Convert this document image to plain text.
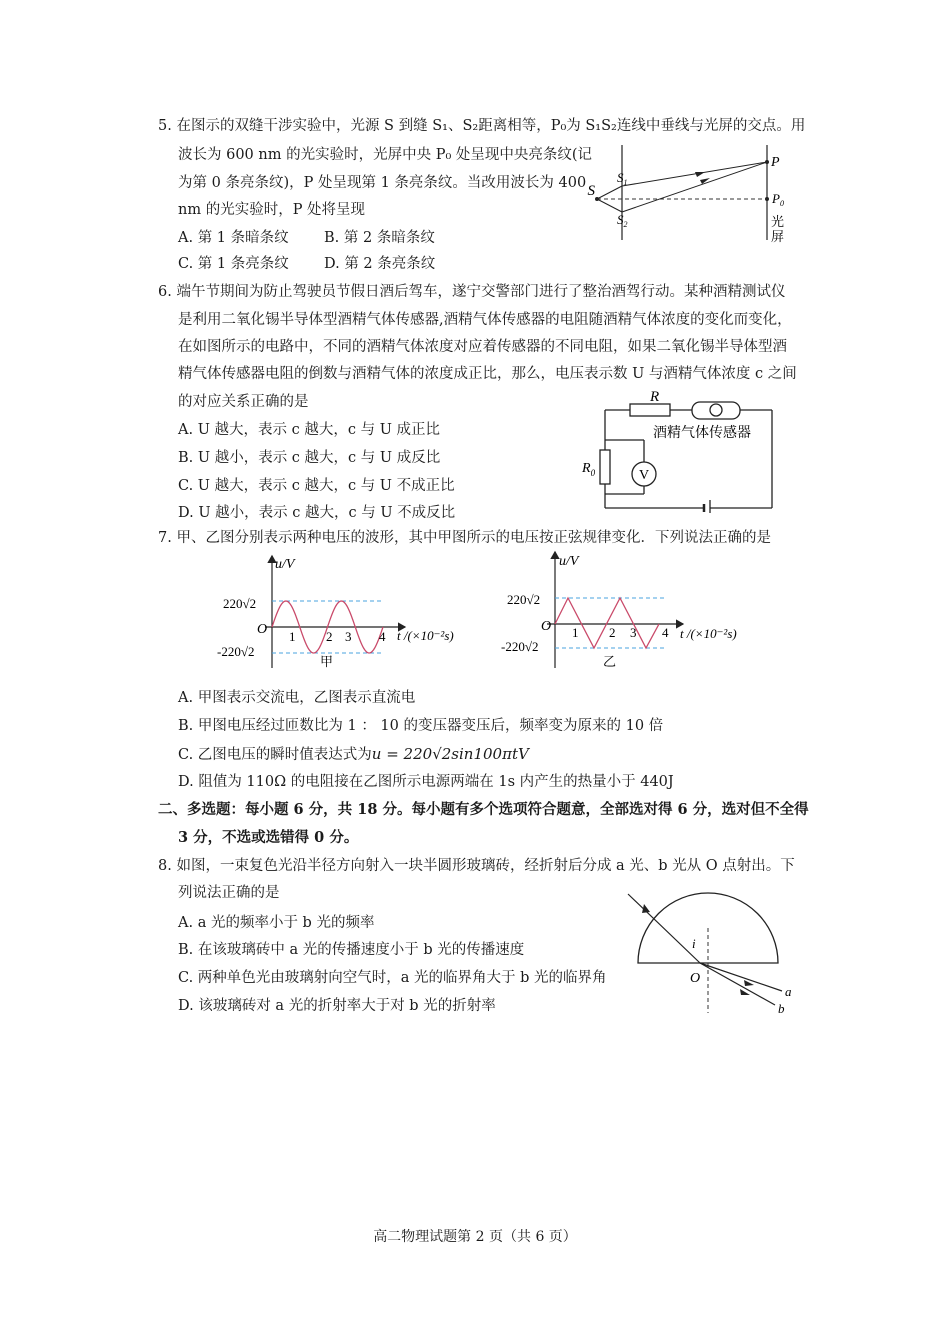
5. 在图示的双缝干涉实验中，光源 S 到缝 S₁、S₂距离相等，P₀为 S₁S₂连线中垂线与光屏的交点。用
波长为 600 nm 的光实验时，光屏中央 P₀ 处呈现中央亮条纹(记
为第 0 条亮条纹)，P 处呈现第 1 条亮条纹。当改用波长为 400
nm 的光实验时，P 处将呈现
A. 第 1 条暗条纹 B. 第 2 条暗条纹
C. 第 1 条亮条纹 D. 第 2 条亮条纹
S
$S_1$
$S_2$
P
$P_0$
光
屏
6. 端午节期间为防止驾驶员节假日酒后驾车，遂宁交警部门进行了整治酒驾行动。某种酒精测试仪
是利用二氧化锡半导体型酒精气体传感器,酒精气体传感器的电阻随酒精气体浓度的变化而变化，
在如图所示的电路中，不同的酒精气体浓度对应着传感器的不同电阻，如果二氧化锡半导体型酒
精气体传感器电阻的倒数与酒精气体的浓度成正比，那么，电压表示数 U 与酒精气体浓度 c 之间
的对应关系正确的是
A. U 越大，表示 c 越大，c 与 U 成正比
B. U 越小，表示 c 越大，c 与 U 成反比
C. U 越大，表示 c 越大，c 与 U 不成正比
D. U 越小，表示 c 越大，c 与 U 不成反比
V
R
$R_0$
酒精气体传感器
7. 甲、乙图分别表示两种电压的波形，其中甲图所示的电压按正弦规律变化．下列说法正确的是
u/V
220√2
-220√2
O 1 2 3 4 t /(×10⁻²s)
甲
u/V
220√2
-220√2
O 1 2 3 4 t /(×10⁻²s)
乙
A. 甲图表示交流电，乙图表示直流电
B. 甲图电压经过匝数比为 1 ： 10 的变压器变压后，频率变为原来的 10 倍
C. 乙图电压的瞬时值表达式为u = 220√2sin100πtV
D. 阻值为 110Ω 的电阻接在乙图所示电源两端在 1s 内产生的热量小于 440J
二、多选题：每小题 6 分，共 18 分。每小题有多个选项符合题意，全部选对得 6 分，选对但不全得
3 分，不选或选错得 0 分。
8. 如图，一束复色光沿半径方向射入一块半圆形玻璃砖，经折射后分成 a 光、b 光从 O 点射出。下
列说法正确的是
A. a 光的频率小于 b 光的频率
B. 在该玻璃砖中 a 光的传播速度小于 b 光的传播速度
C. 两种单色光由玻璃射向空气时，a 光的临界角大于 b 光的临界角
D. 该玻璃砖对 a 光的折射率大于对 b 光的折射率
i
O
a
b
高二物理试题第 2 页（共 6 页）
